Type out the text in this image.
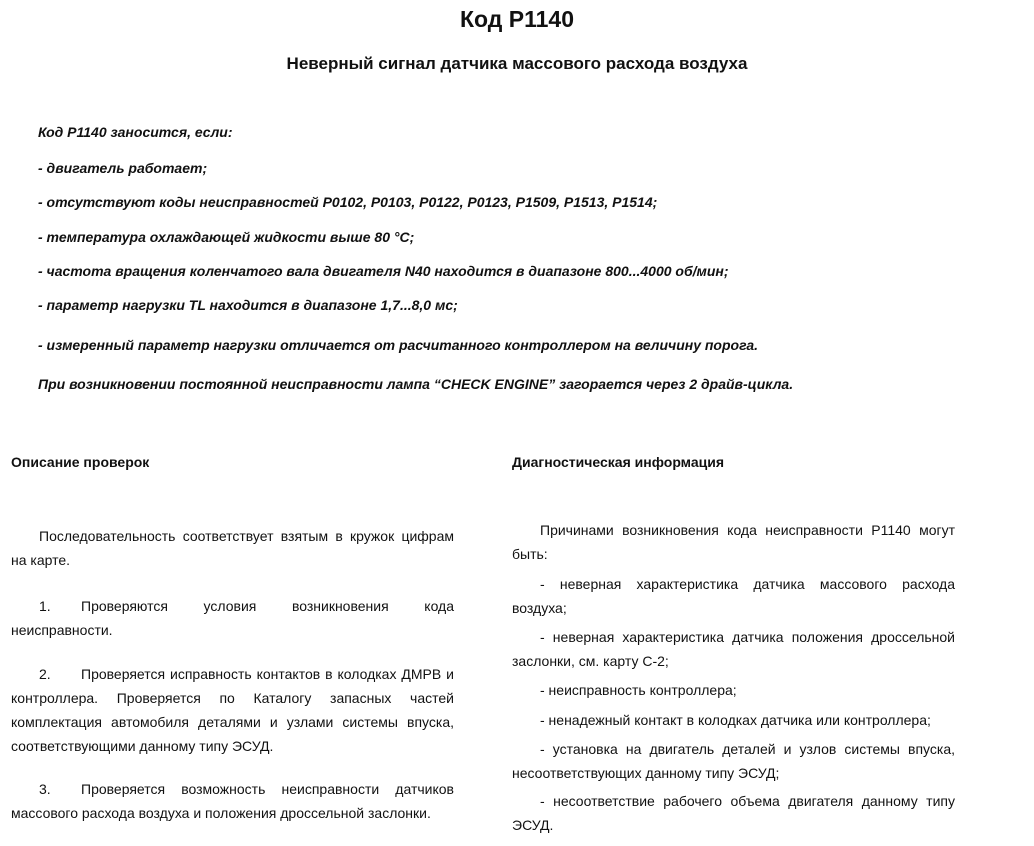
Код Р1140
Неверный сигнал датчика массового расхода воздуха
Код Р1140 заносится, если:
- двигатель работает;
- отсутствуют коды неисправностей Р0102, Р0103, Р0122, Р0123, Р1509, Р1513, Р1514;
- температура охлаждающей жидкости выше 80 °С;
- частота вращения коленчатого вала двигателя N40 находится в диапазоне 800...4000 об/мин;
- параметр нагрузки TL находится в диапазоне 1,7...8,0 мс;
- измеренный параметр нагрузки отличается от расчитанного контроллером на величину порога.
При возникновении постоянной неисправности лампа “CHECK ENGINE” загорается через 2 драйв-цикла.
Описание проверок	Диагностическая информация
Последовательность соответствует взятым в кружок цифрам на карте.
1. Проверяются условия возникновения кода неисправности.
2. Проверяется исправность контактов в колодках ДМРВ и контроллера. Проверяется по Каталогу запасных частей комплектация автомобиля деталями и узлами системы впуска, соответствующими данному типу ЭСУД.
3. Проверяется возможность неисправности датчиков массового расхода воздуха и положения дроссельной заслонки.
Причинами возникновения кода неисправности Р1140 могут быть:
- неверная характеристика датчика массового расхода воздуха;
- неверная характеристика датчика положения дроссельной заслонки, см. карту С-2;
- неисправность контроллера;
- ненадежный контакт в колодках датчика или контроллера;
- установка на двигатель деталей и узлов системы впуска, несоответствующих данному типу ЭСУД;
- несоответствие рабочего объема двигателя данному типу ЭСУД.
